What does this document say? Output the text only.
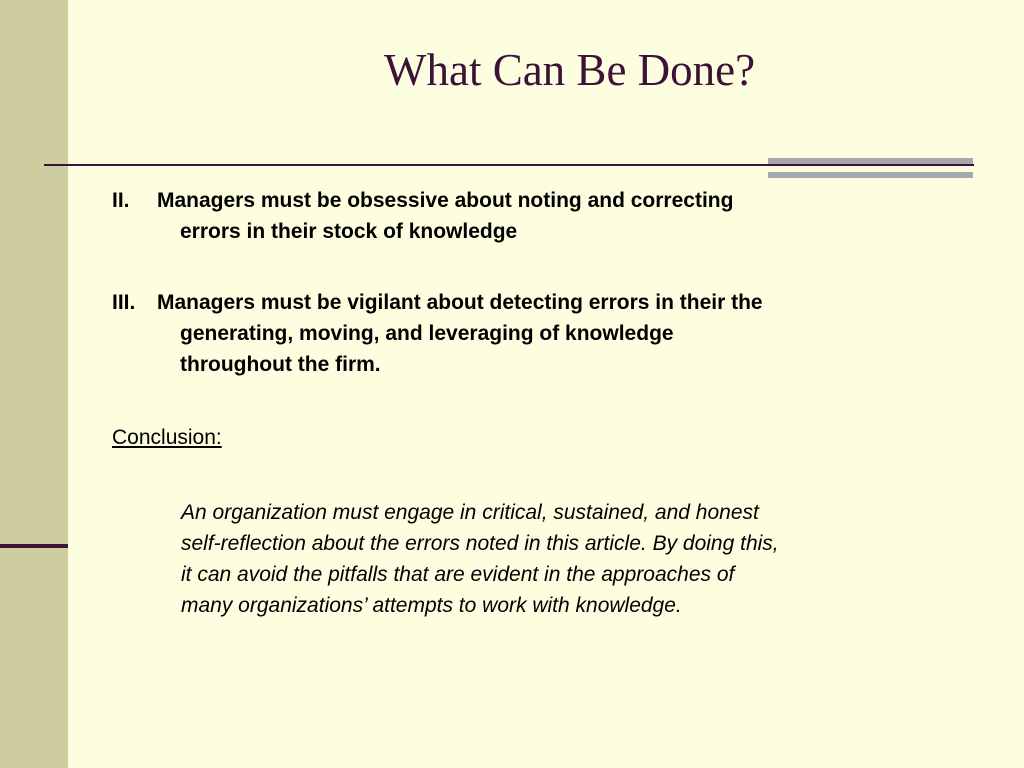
What Can Be Done?

II. Managers must be obsessive about noting and correcting
errors in their stock of knowledge

III. Managers must be vigilant about detecting errors in their the
generating, moving, and leveraging of knowledge
throughout the firm.

Conclusion:

An organization must engage in critical, sustained, and honest
self-reflection about the errors noted in this article. By doing this,
it can avoid the pitfalls that are evident in the approaches of
many organizations’ attempts to work with knowledge.
